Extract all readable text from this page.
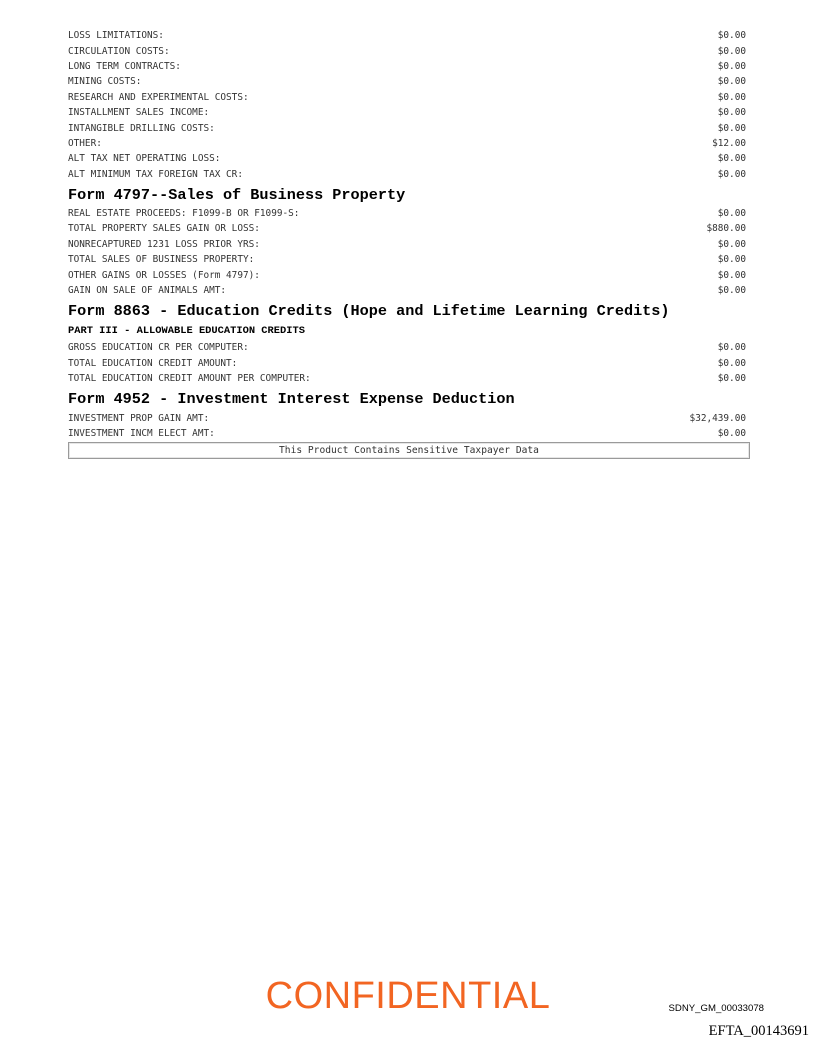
LOSS LIMITATIONS:	$0.00
CIRCULATION COSTS:	$0.00
LONG TERM CONTRACTS:	$0.00
MINING COSTS:	$0.00
RESEARCH AND EXPERIMENTAL COSTS:	$0.00
INSTALLMENT SALES INCOME:	$0.00
INTANGIBLE DRILLING COSTS:	$0.00
OTHER:	$12.00
ALT TAX NET OPERATING LOSS:	$0.00
ALT MINIMUM TAX FOREIGN TAX CR:	$0.00
Form 4797--Sales of Business Property
REAL ESTATE PROCEEDS: F1099-B OR F1099-S:	$0.00
TOTAL PROPERTY SALES GAIN OR LOSS:	$880.00
NONRECAPTURED 1231 LOSS PRIOR YRS:	$0.00
TOTAL SALES OF BUSINESS PROPERTY:	$0.00
OTHER GAINS OR LOSSES (Form 4797):	$0.00
GAIN ON SALE OF ANIMALS AMT:	$0.00
Form 8863 - Education Credits (Hope and Lifetime Learning Credits)
PART III - ALLOWABLE EDUCATION CREDITS
GROSS EDUCATION CR PER COMPUTER:	$0.00
TOTAL EDUCATION CREDIT AMOUNT:	$0.00
TOTAL EDUCATION CREDIT AMOUNT PER COMPUTER:	$0.00
Form 4952 - Investment Interest Expense Deduction
INVESTMENT PROP GAIN AMT:	$32,439.00
INVESTMENT INCM ELECT AMT:	$0.00
This Product Contains Sensitive Taxpayer Data
CONFIDENTIAL	SDNY_GM_00033078
EFTA_00143691
